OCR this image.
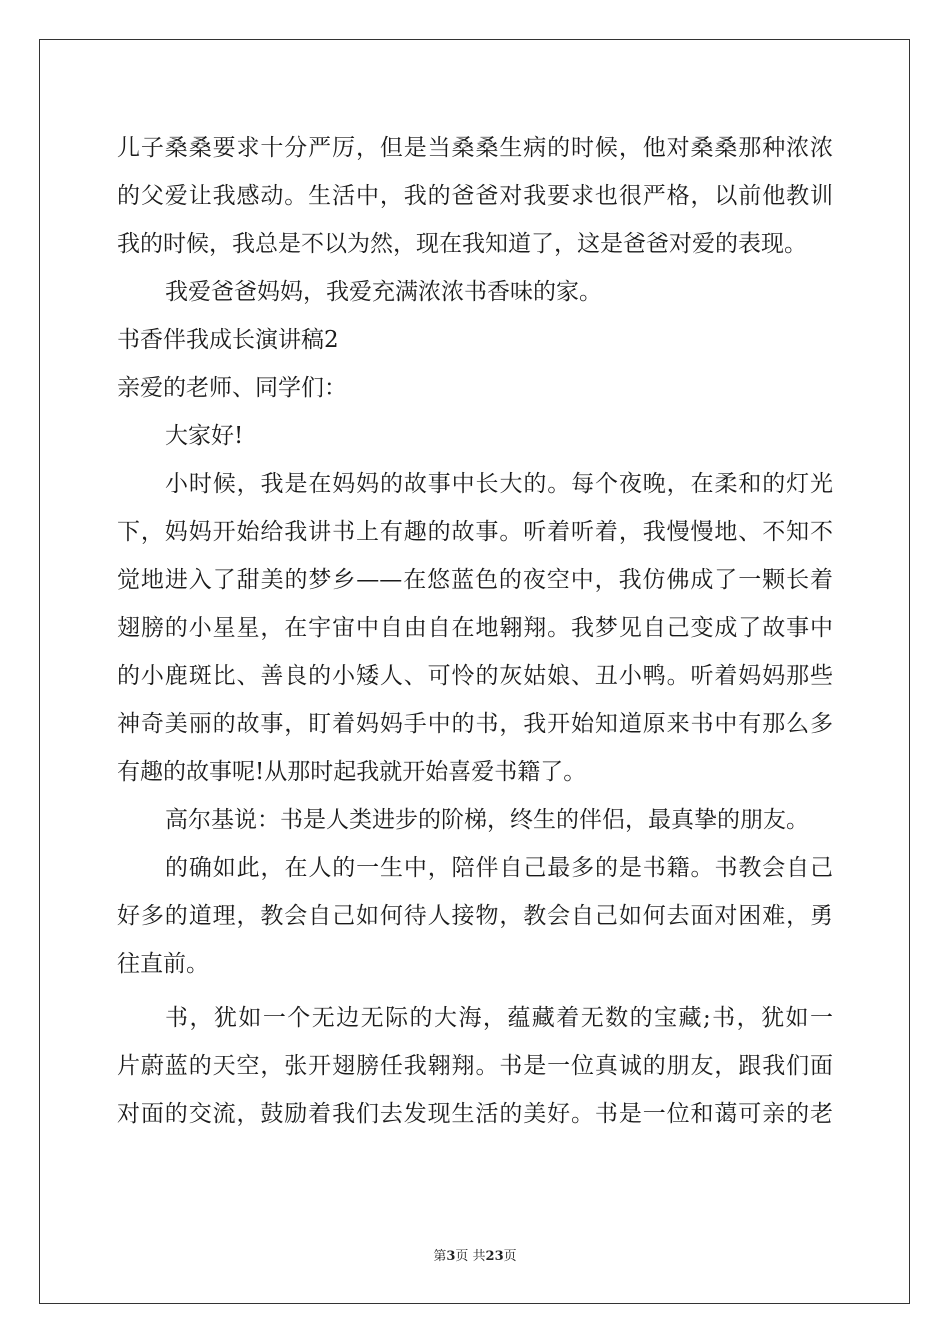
儿子桑桑要求十分严厉，但是当桑桑生病的时候，他对桑桑那种浓浓
的父爱让我感动。生活中，我的爸爸对我要求也很严格，以前他教训
我的时候，我总是不以为然，现在我知道了，这是爸爸对爱的表现。
我爱爸爸妈妈，我爱充满浓浓书香味的家。
书香伴我成长演讲稿2
亲爱的老师、同学们：
大家好!
小时候，我是在妈妈的故事中长大的。每个夜晚，在柔和的灯光
下，妈妈开始给我讲书上有趣的故事。听着听着，我慢慢地、不知不
觉地进入了甜美的梦乡——在悠蓝色的夜空中，我仿佛成了一颗长着
翅膀的小星星，在宇宙中自由自在地翱翔。我梦见自己变成了故事中
的小鹿斑比、善良的小矮人、可怜的灰姑娘、丑小鸭。听着妈妈那些
神奇美丽的故事，盯着妈妈手中的书，我开始知道原来书中有那么多
有趣的故事呢!从那时起我就开始喜爱书籍了。
高尔基说：书是人类进步的阶梯，终生的伴侣，最真挚的朋友。
的确如此，在人的一生中，陪伴自己最多的是书籍。书教会自己
好多的道理，教会自己如何待人接物，教会自己如何去面对困难，勇
往直前。
书，犹如一个无边无际的大海，蕴藏着无数的宝藏;书，犹如一
片蔚蓝的天空，张开翅膀任我翱翔。书是一位真诚的朋友，跟我们面
对面的交流，鼓励着我们去发现生活的美好。书是一位和蔼可亲的老
第3页 共23页
